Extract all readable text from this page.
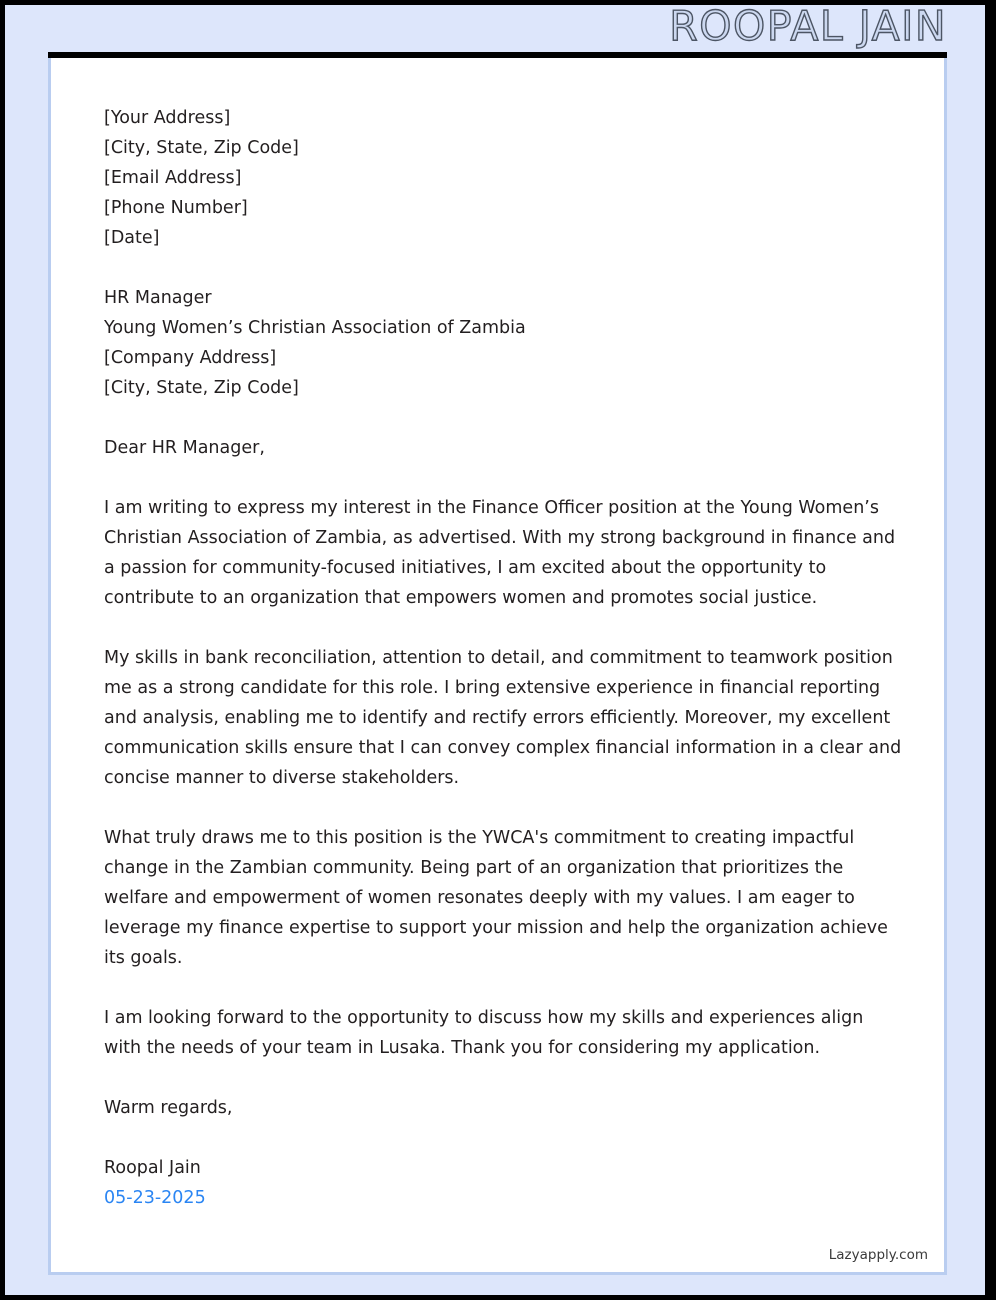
ROOPAL JAIN
[Your Address]
[City, State, Zip Code]
[Email Address]
[Phone Number]
[Date]
HR Manager
Young Women’s Christian Association of Zambia
[Company Address]
[City, State, Zip Code]
Dear HR Manager,

I am writing to express my interest in the Finance Officer position at the Young Women’s Christian Association of Zambia, as advertised. With my strong background in finance and a passion for community-focused initiatives, I am excited about the opportunity to contribute to an organization that empowers women and promotes social justice.

My skills in bank reconciliation, attention to detail, and commitment to teamwork position me as a strong candidate for this role. I bring extensive experience in financial reporting and analysis, enabling me to identify and rectify errors efficiently. Moreover, my excellent communication skills ensure that I can convey complex financial information in a clear and concise manner to diverse stakeholders.

What truly draws me to this position is the YWCA's commitment to creating impactful change in the Zambian community. Being part of an organization that prioritizes the welfare and empowerment of women resonates deeply with my values. I am eager to leverage my finance expertise to support your mission and help the organization achieve its goals.

I am looking forward to the opportunity to discuss how my skills and experiences align with the needs of your team in Lusaka. Thank you for considering my application.

Warm regards,
Roopal Jain
05-23-2025
Lazyapply.com
